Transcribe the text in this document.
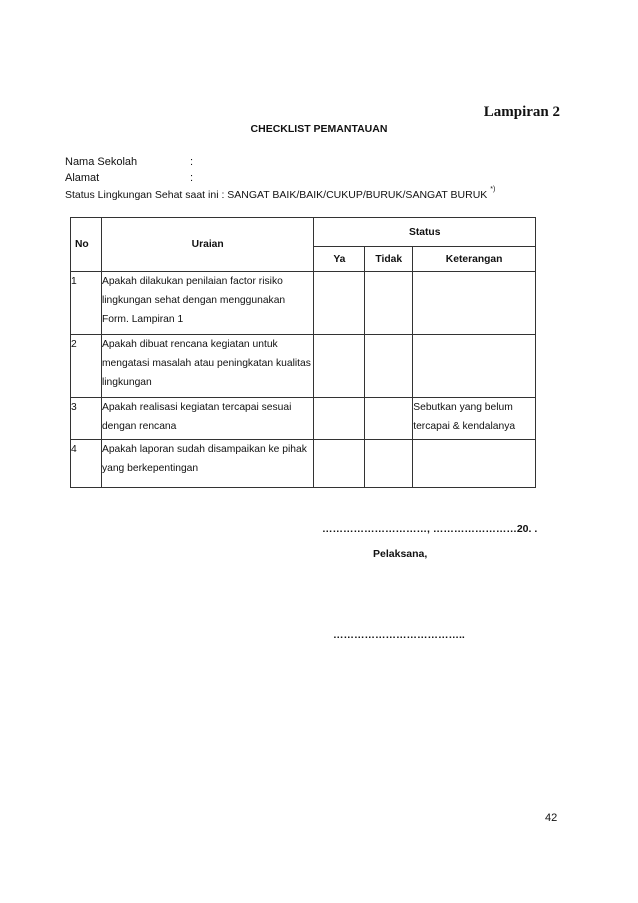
Lampiran 2
CHECKLIST PEMANTAUAN
Nama Sekolah	:
Alamat	:
Status Lingkungan Sehat saat ini : SANGAT BAIK/BAIK/CUKUP/BURUK/SANGAT BURUK *)
No	Uraian	Status		
		Ya	Tidak	Keterangan
1	Apakah dilakukan penilaian factor risiko lingkungan sehat dengan menggunakan Form. Lampiran 1			
2	Apakah dibuat rencana kegiatan untuk mengatasi masalah atau peningkatan kualitas lingkungan			
3	Apakah realisasi kegiatan tercapai sesuai dengan rencana			Sebutkan yang belum tercapai & kendalanya
4	Apakah laporan sudah disampaikan ke pihak yang berkepentingan			
…………………………, ……………………20. .
Pelaksana,
………………………………..
42
